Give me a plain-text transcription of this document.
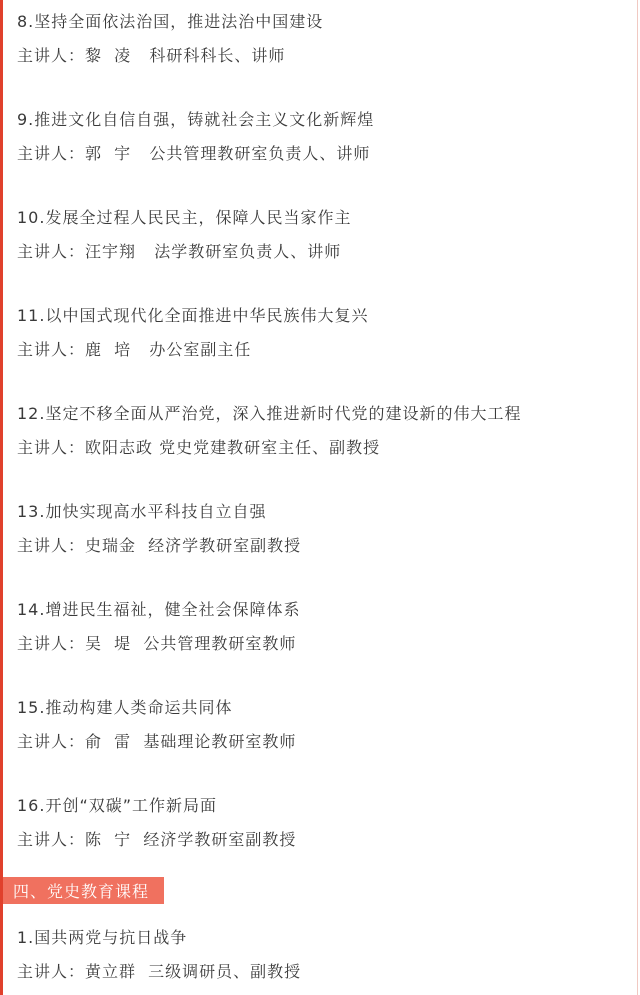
8.坚持全面依法治国，推进法治中国建设
主讲人：黎  凌   科研科科长、讲师
9.推进文化自信自强，铸就社会主义文化新辉煌
主讲人：郭  宇   公共管理教研室负责人、讲师
10.发展全过程人民民主，保障人民当家作主
主讲人：汪宇翔   法学教研室负责人、讲师
11.以中国式现代化全面推进中华民族伟大复兴
主讲人：鹿  培   办公室副主任
12.坚定不移全面从严治党，深入推进新时代党的建设新的伟大工程
主讲人：欧阳志政 党史党建教研室主任、副教授
13.加快实现高水平科技自立自强
主讲人：史瑞金  经济学教研室副教授
14.增进民生福祉，健全社会保障体系
主讲人：吴  堤  公共管理教研室教师
15.推动构建人类命运共同体
主讲人：俞  雷  基础理论教研室教师
16.开创“双碳”工作新局面
主讲人：陈  宁  经济学教研室副教授
四、党史教育课程
1.国共两党与抗日战争
主讲人：黄立群  三级调研员、副教授
